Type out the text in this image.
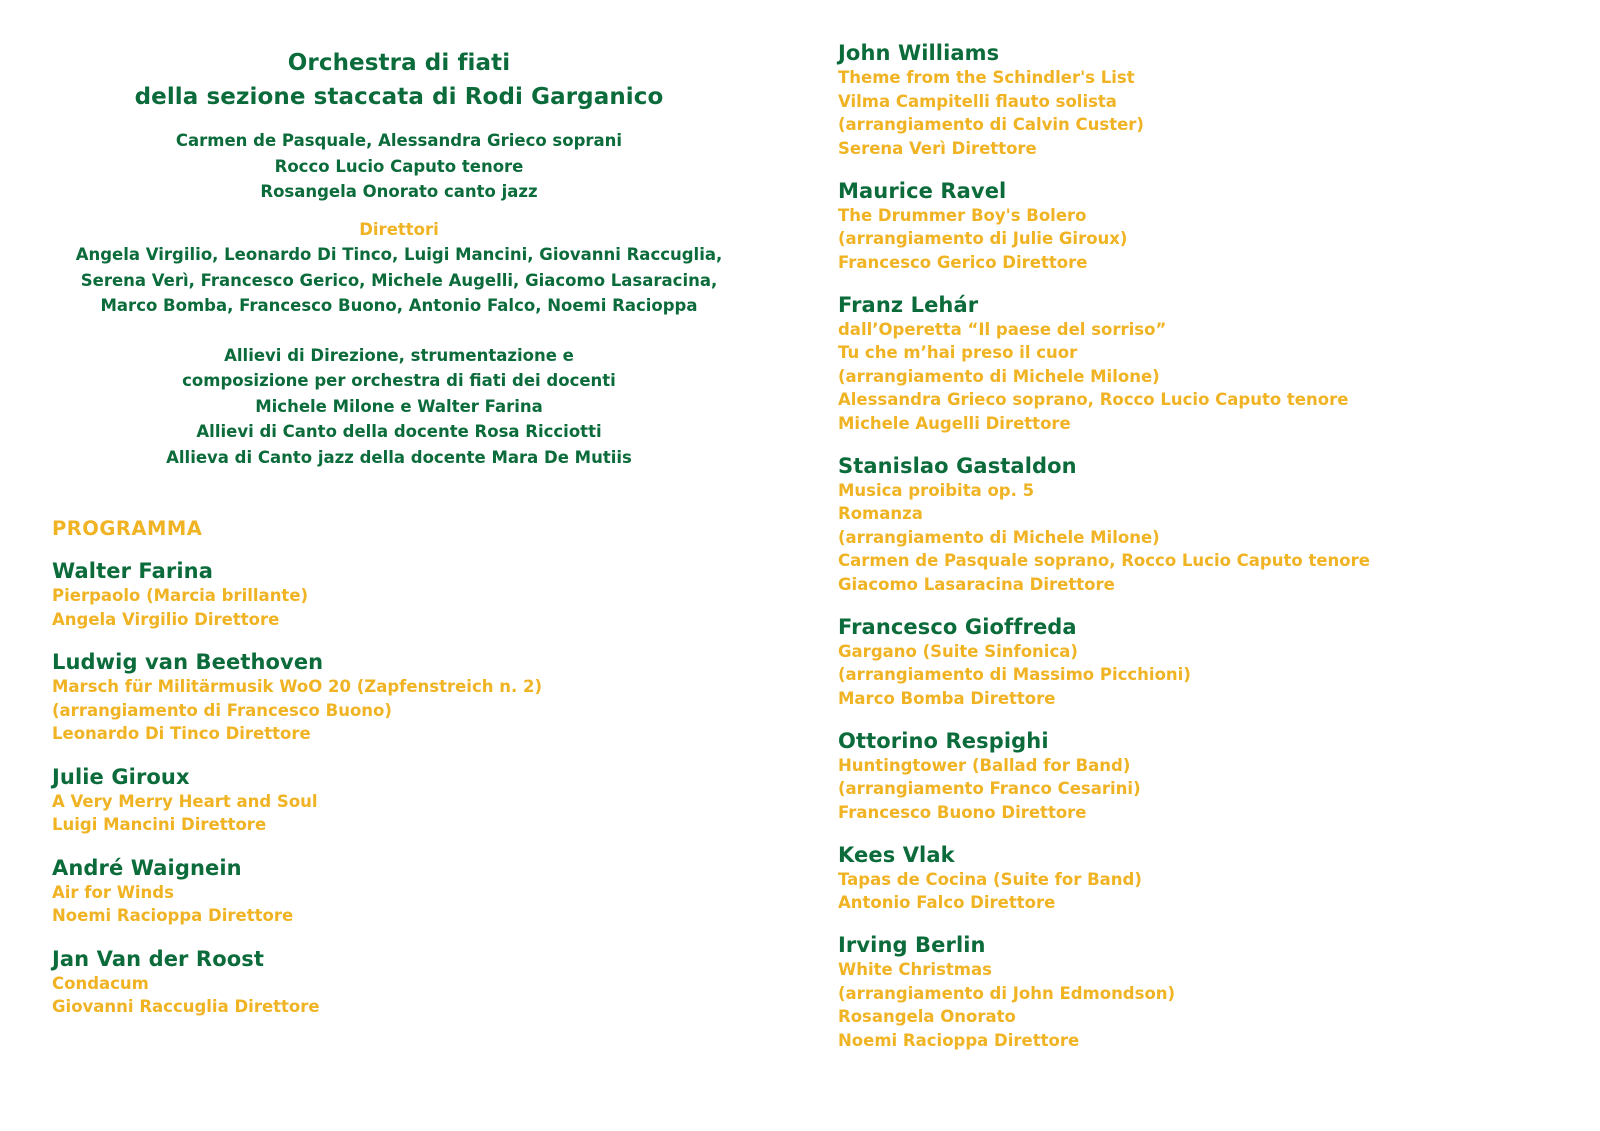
Orchestra di fiati
della sezione staccata di Rodi Garganico
Carmen de Pasquale, Alessandra Grieco soprani
Rocco Lucio Caputo tenore
Rosangela Onorato canto jazz
Direttori
Angela Virgilio, Leonardo Di Tinco, Luigi Mancini, Giovanni Raccuglia,
Serena Verì, Francesco Gerico, Michele Augelli, Giacomo Lasaracina,
Marco Bomba, Francesco Buono, Antonio Falco, Noemi Racioppa
Allievi di Direzione, strumentazione e
composizione per orchestra di fiati dei docenti
Michele Milone e Walter Farina
Allievi di Canto della docente Rosa Ricciotti
Allieva di Canto jazz della docente Mara De Mutiis
PROGRAMMA
Walter Farina
Pierpaolo (Marcia brillante)
Angela Virgilio Direttore
Ludwig van Beethoven
Marsch für Militärmusik WoO 20 (Zapfenstreich n. 2)
(arrangiamento di Francesco Buono)
Leonardo Di Tinco Direttore
Julie Giroux
A Very Merry Heart and Soul
Luigi Mancini Direttore
André Waignein
Air for Winds
Noemi Racioppa Direttore
Jan Van der Roost
Condacum
Giovanni Raccuglia Direttore
John Williams
Theme from the Schindler's List
Vilma Campitelli flauto solista
(arrangiamento di Calvin Custer)
Serena Verì Direttore
Maurice Ravel
The Drummer Boy's Bolero
(arrangiamento di Julie Giroux)
Francesco Gerico Direttore
Franz Lehár
dall’Operetta “Il paese del sorriso”
Tu che m’hai preso il cuor
(arrangiamento di Michele Milone)
Alessandra Grieco soprano, Rocco Lucio Caputo tenore
Michele Augelli Direttore
Stanislao Gastaldon
Musica proibita op. 5
Romanza
(arrangiamento di Michele Milone)
Carmen de Pasquale soprano, Rocco Lucio Caputo tenore
Giacomo Lasaracina Direttore
Francesco Gioffreda
Gargano (Suite Sinfonica)
(arrangiamento di Massimo Picchioni)
Marco Bomba Direttore
Ottorino Respighi
Huntingtower (Ballad for Band)
(arrangiamento Franco Cesarini)
Francesco Buono Direttore
Kees Vlak
Tapas de Cocina (Suite for Band)
Antonio Falco Direttore
Irving Berlin
White Christmas
(arrangiamento di John Edmondson)
Rosangela Onorato
Noemi Racioppa Direttore
